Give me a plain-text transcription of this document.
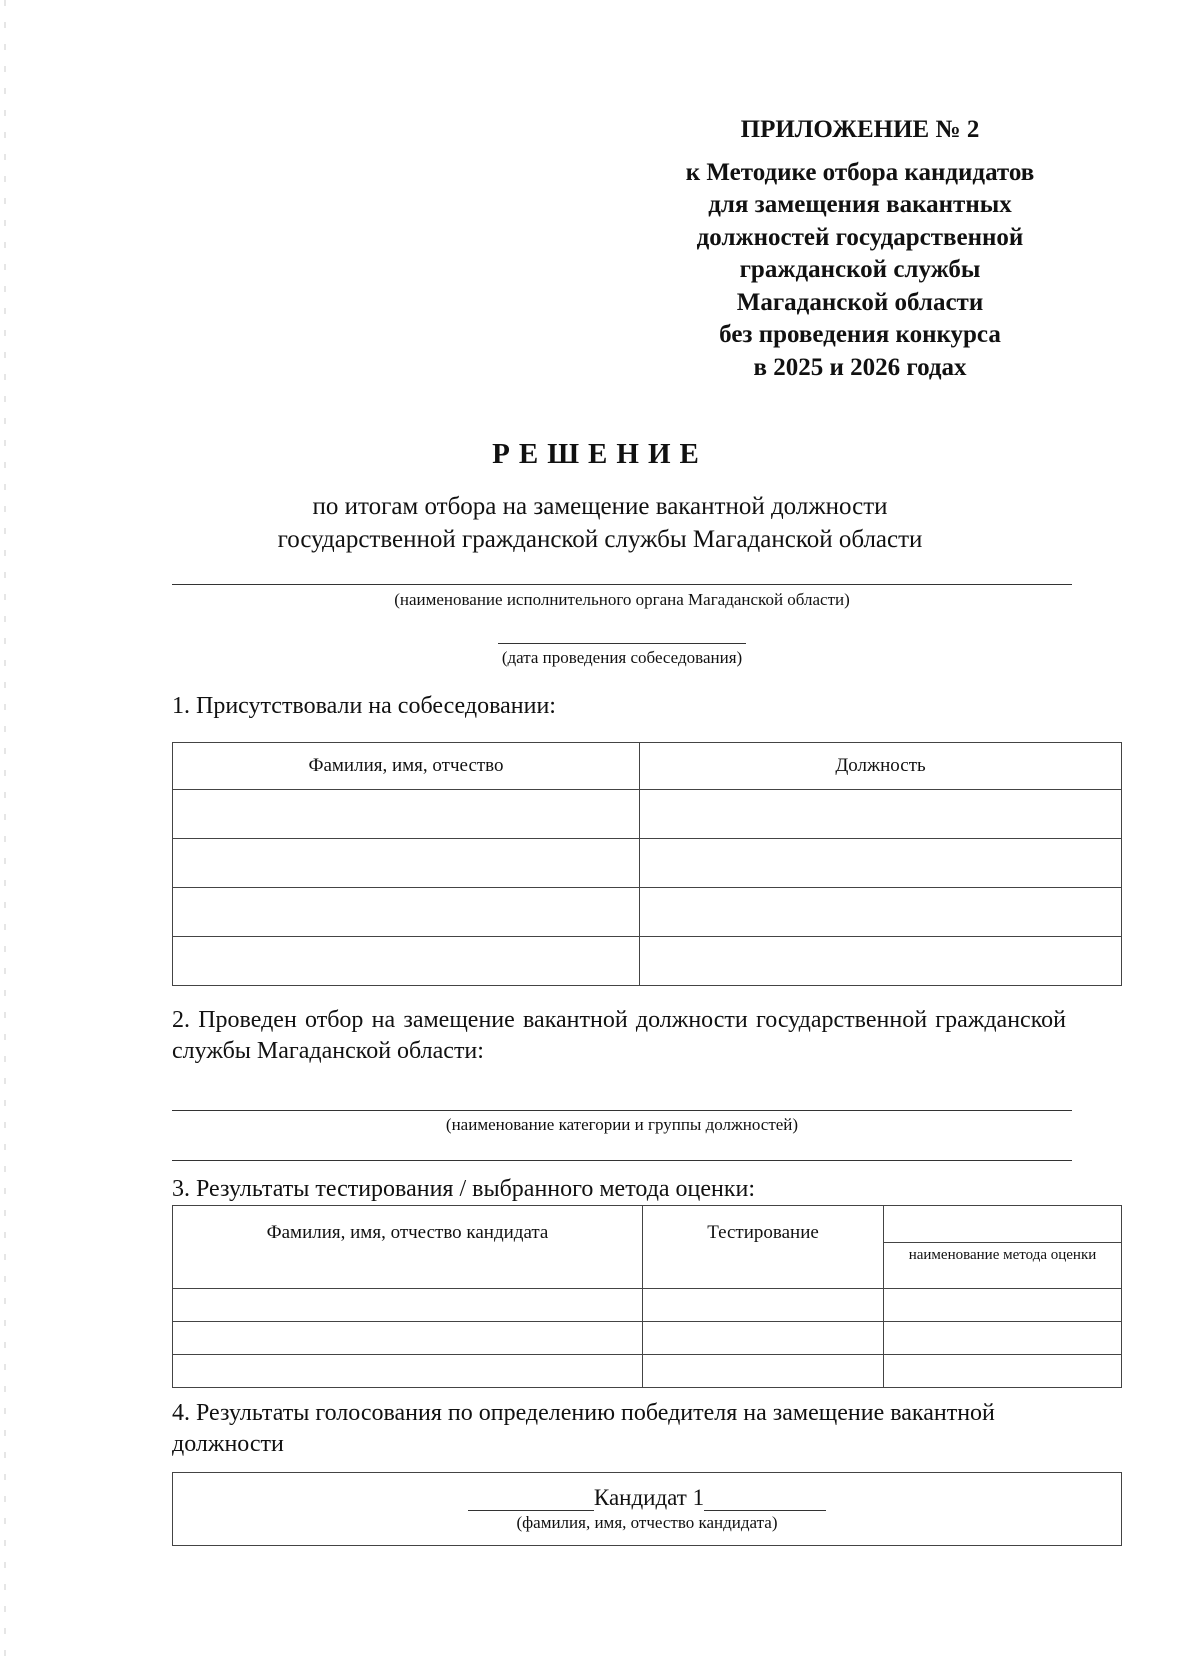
ПРИЛОЖЕНИЕ № 2
к Методике отбора кандидатов
для замещения вакантных
должностей государственной
гражданской службы
Магаданской области
без проведения конкурса
в 2025 и 2026 годах
РЕШЕНИЕ
по итогам отбора на замещение вакантной должности
государственной гражданской службы Магаданской области
(наименование исполнительного органа Магаданской области)
(дата проведения собеседования)
1. Присутствовали на собеседовании:
Фамилия, имя, отчество	Должность

2. Проведен отбор на замещение вакантной должности государственной гражданской службы Магаданской области:
(наименование категории и группы должностей)
3. Результаты тестирования / выбранного метода оценки:
Фамилия, имя, отчество кандидата	Тестирование	наименование метода оценки

4. Результаты голосования по определению победителя на замещение вакантной
должности
Кандидат 1
(фамилия, имя, отчество кандидата)
